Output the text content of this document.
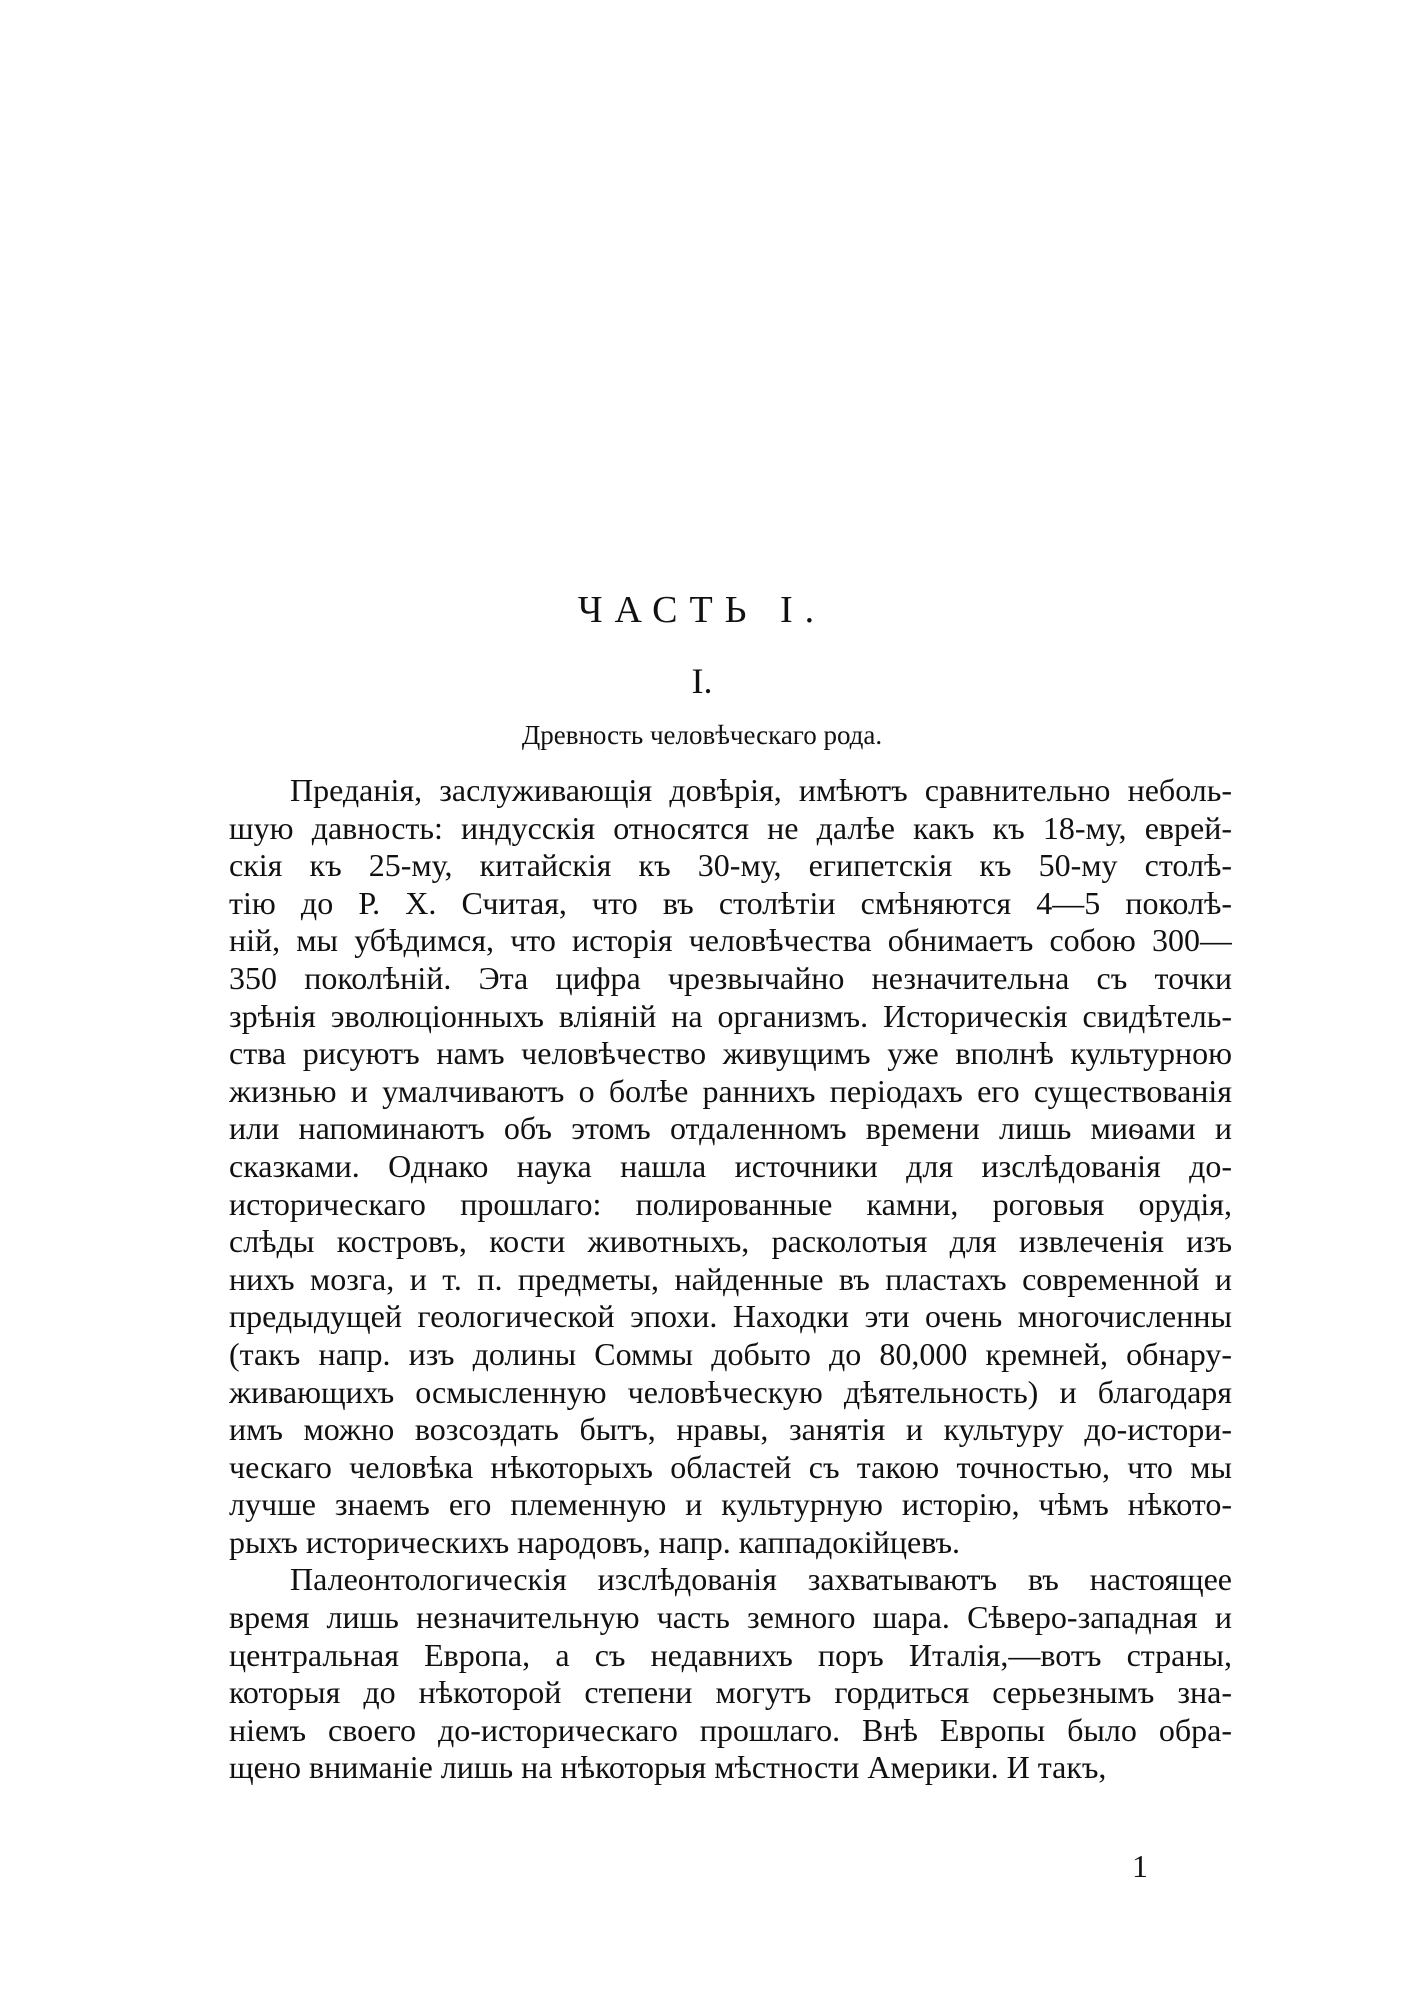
ЧАСТЬ I.
I.
Древность человѣческаго рода.
Преданія, заслуживающія довѣрія, имѣютъ сравнительно неболь-
шую давность: индусскія относятся не далѣе какъ къ 18-му, еврей-
скія къ 25-му, китайскія къ 30-му, египетскія къ 50-му столѣ-
тію до Р. Х. Считая, что въ столѣтіи смѣняются 4—5 поколѣ-
ній, мы убѣдимся, что исторія человѣчества обнимаетъ собою 300—
350 поколѣній. Эта цифра чрезвычайно незначительна съ точки
зрѣнія эволюціонныхъ вліяній на организмъ. Историческія свидѣтель-
ства рисуютъ намъ человѣчество живущимъ уже вполнѣ культурною
жизнью и умалчиваютъ о болѣе раннихъ періодахъ его существованія
или напоминаютъ объ этомъ отдаленномъ времени лишь миѳами и
сказками. Однако наука нашла источники для изслѣдованія до-
историческаго прошлаго: полированные камни, роговыя орудія,
слѣды костровъ, кости животныхъ, расколотыя для извлеченія изъ
нихъ мозга, и т. п. предметы, найденные въ пластахъ современной и
предыдущей геологической эпохи. Находки эти очень многочисленны
(такъ напр. изъ долины Соммы добыто до 80,000 кремней, обнару-
живающихъ осмысленную человѣческую дѣятельность) и благодаря
имъ можно возсоздать бытъ, нравы, занятія и культуру до-истори-
ческаго человѣка нѣкоторыхъ областей съ такою точностью, что мы
лучше знаемъ его племенную и культурную исторію, чѣмъ нѣкото-
рыхъ историческихъ народовъ, напр. каппадокійцевъ.
Палеонтологическія изслѣдованія захватываютъ въ настоящее
время лишь незначительную часть земного шара. Сѣверо-западная и
центральная Европа, а съ недавнихъ поръ Италія,—вотъ страны,
которыя до нѣкоторой степени могутъ гордиться серьезнымъ зна-
ніемъ своего до-историческаго прошлаго. Внѣ Европы было обра-
щено вниманіе лишь на нѣкоторыя мѣстности Америки. И такъ,
1
